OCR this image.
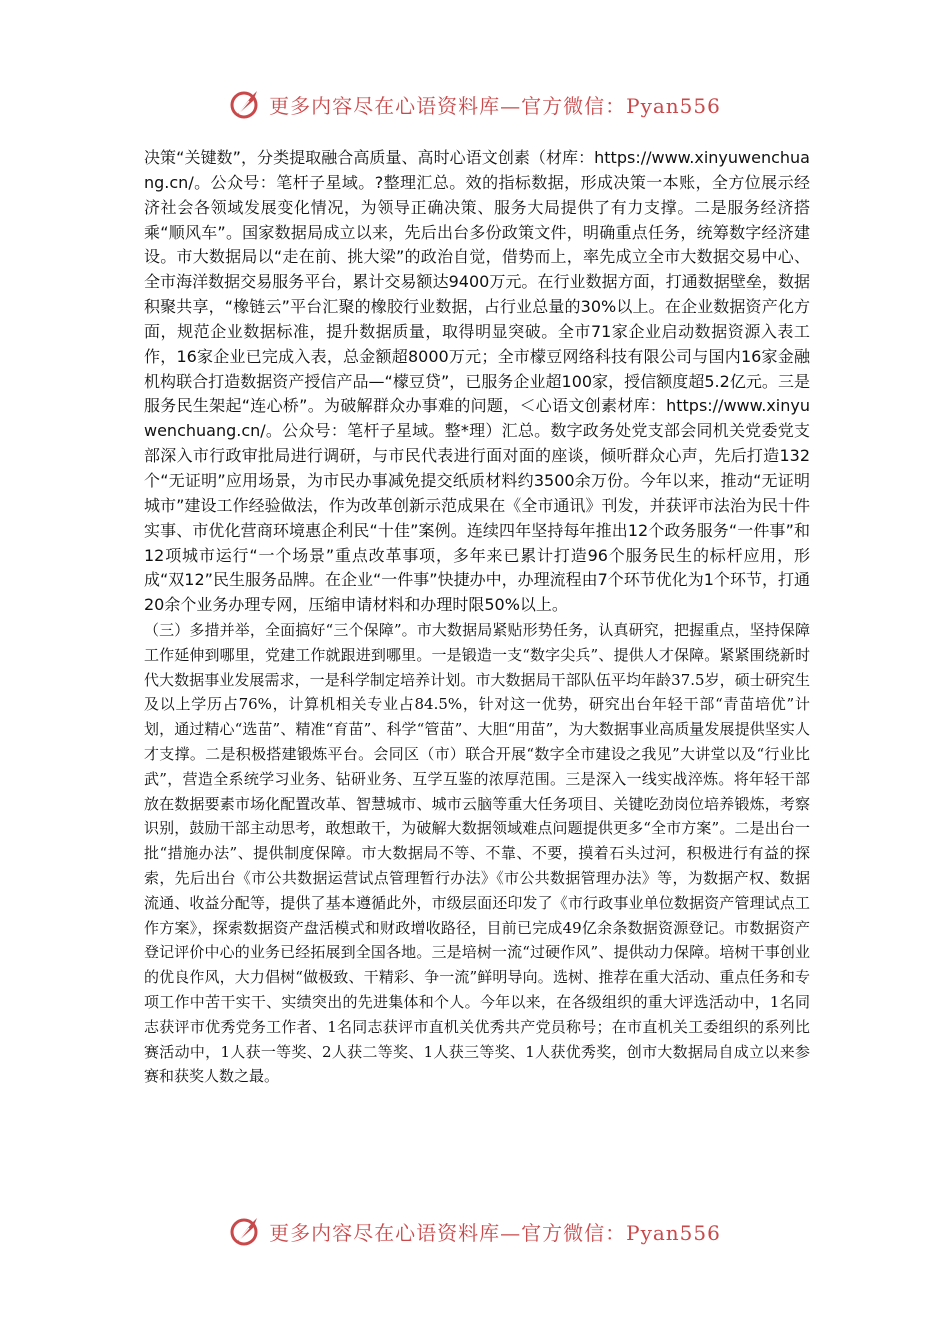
更多内容尽在心语资料库—官方微信：Pyan556

决策“关键数”，分类提取融合高质量、高时心语文创素（材库：https://www.xinyuwenchuang.cn/。公众号：笔杆子星域。?整理汇总。效的指标数据，形成决策一本账，全方位展示经济社会各领域发展变化情况，为领导正确决策、服务大局提供了有力支撑。二是服务经济搭乘“顺风车”。国家数据局成立以来，先后出台多份政策文件，明确重点任务，统筹数字经济建设。市大数据局以“走在前、挑大梁”的政治自觉，借势而上，率先成立全市大数据交易中心、全市海洋数据交易服务平台，累计交易额达9400万元。在行业数据方面，打通数据壁垒，数据积聚共享，“橡链云”平台汇聚的橡胶行业数据，占行业总量的30%以上。在企业数据资产化方面，规范企业数据标准，提升数据质量，取得明显突破。全市71家企业启动数据资源入表工作，16家企业已完成入表，总金额超8000万元；全市檬豆网络科技有限公司与国内16家金融机构联合打造数据资产授信产品—“檬豆贷”，已服务企业超100家，授信额度超5.2亿元。三是服务民生架起“连心桥”。为破解群众办事难的问题，＜心语文创素材库：https://www.xinyuwenchuang.cn/。公众号：笔杆子星域。整*理）汇总。数字政务处党支部会同机关党委党支部深入市行政审批局进行调研，与市民代表进行面对面的座谈，倾听群众心声，先后打造132个“无证明”应用场景，为市民办事减免提交纸质材料约3500余万份。今年以来，推动“无证明城市”建设工作经验做法，作为改革创新示范成果在《全市通讯》刊发，并获评市法治为民十件实事、市优化营商环境惠企利民“十佳”案例。连续四年坚持每年推出12个政务服务“一件事”和12项城市运行“一个场景”重点改革事项，多年来已累计打造96个服务民生的标杆应用，形成“双12”民生服务品牌。在企业“一件事”快捷办中，办理流程由7个环节优化为1个环节，打通20余个业务办理专网，压缩申请材料和办理时限50%以上。

（三）多措并举，全面搞好“三个保障”。市大数据局紧贴形势任务，认真研究，把握重点，坚持保障工作延伸到哪里，党建工作就跟进到哪里。一是锻造一支“数字尖兵”、提供人才保障。紧紧围绕新时代大数据事业发展需求，一是科学制定培养计划。市大数据局干部队伍平均年龄37.5岁，硕士研究生及以上学历占76%，计算机相关专业占84.5%，针对这一优势，研究出台年轻干部“青苗培优”计划，通过精心“选苗”、精准“育苗”、科学“管苗”、大胆“用苗”，为大数据事业高质量发展提供坚实人才支撑。二是积极搭建锻炼平台。会同区（市）联合开展“数字全市建设之我见”大讲堂以及“行业比武”，营造全系统学习业务、钻研业务、互学互鉴的浓厚范围。三是深入一线实战淬炼。将年轻干部放在数据要素市场化配置改革、智慧城市、城市云脑等重大任务项目、关键吃劲岗位培养锻炼，考察识别，鼓励干部主动思考，敢想敢干，为破解大数据领域难点问题提供更多“全市方案”。二是出台一批“措施办法”、提供制度保障。市大数据局不等、不靠、不要，摸着石头过河，积极进行有益的探索，先后出台《市公共数据运营试点管理暂行办法》《市公共数据管理办法》等，为数据产权、数据流通、收益分配等，提供了基本遵循此外，市级层面还印发了《市行政事业单位数据资产管理试点工作方案》，探索数据资产盘活模式和财政增收路径，目前已完成49亿余条数据资源登记。市数据资产登记评价中心的业务已经拓展到全国各地。三是培树一流“过硬作风”、提供动力保障。培树干事创业的优良作风，大力倡树“做极致、干精彩、争一流”鲜明导向。选树、推荐在重大活动、重点任务和专项工作中苦干实干、实绩突出的先进集体和个人。今年以来，在各级组织的重大评选活动中，1名同志获评市优秀党务工作者、1名同志获评市直机关优秀共产党员称号；在市直机关工委组织的系列比赛活动中，1人获一等奖、2人获二等奖、1人获三等奖、1人获优秀奖，创市大数据局自成立以来参赛和获奖人数之最。

更多内容尽在心语资料库—官方微信：Pyan556
